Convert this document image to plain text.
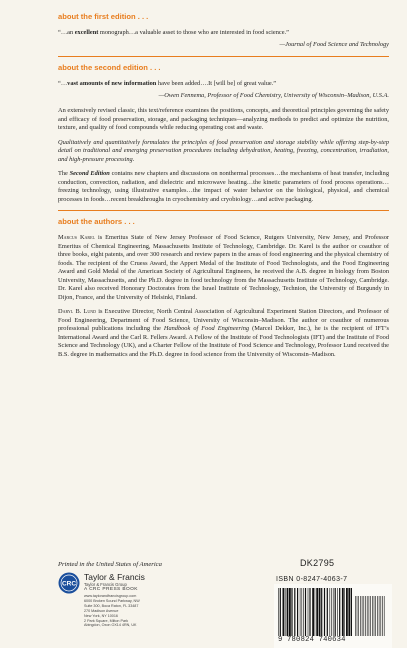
about the first edition . . .
“…an excellent monograph…a valuable asset to those who are interested in food science.”
—Journal of Food Science and Technology
about the second edition . . .
“…vast amounts of new information have been added….It [will be] of great value.”
—Owen Fennema, Professor of Food Chemistry, University of Wisconsin–Madison, U.S.A.
An extensively revised classic, this text/reference examines the positions, concepts, and theoretical principles governing the safety and efficacy of food preservation, storage, and packaging techniques—analyzing methods to predict and optimize the nutrition, texture, and quality of food compounds while reducing operating cost and waste.
Qualitatively and quantitatively formulates the principles of food preservation and storage stability while offering step-by-step detail on traditional and emerging preservation procedures including dehydration, heating, freezing, concentration, irradiation, and high-pressure processing.
The Second Edition contains new chapters and discussions on nonthermal processes…the mechanisms of heat transfer, including conduction, convection, radiation, and dielectric and microwave heating…the kinetic parameters of food process operations…freezing technology, using illustrative examples…the impact of water behavior on the biological, physical, and chemical processes in foods…recent breakthroughs in cryochemistry and cryobiology…and active packaging.
about the authors . . .
Marcus Karel is Emeritus State of New Jersey Professor of Food Science, Rutgers University, New Jersey, and Professor Emeritus of Chemical Engineering, Massachusetts Institute of Technology, Cambridge. Dr. Karel is the author or coauthor of three books, eight patents, and over 300 research and review papers in the areas of food engineering and the physical chemistry of foods. The recipient of the Cruess Award, the Appert Medal of the Institute of Food Technologists, and the Food Engineering Award and Gold Medal of the American Society of Agricultural Engineers, he received the A.B. degree in biology from Boston University, Massachusetts, and the Ph.D. degree in food technology from the Massachusetts Institute of Technology, Cambridge. Dr. Karel also received Honorary Doctorates from the Israel Institute of Technology, Technion, the University of Burgundy in Dijon, France, and the University of Helsinki, Finland.
Daryl B. Lund is Executive Director, North Central Association of Agricultural Experiment Station Directors, and Professor of Food Engineering, Department of Food Science, University of Wisconsin–Madison. The author or coauthor of numerous professional publications including the Handbook of Food Engineering (Marcel Dekker, Inc.), he is the recipient of IFT’s International Award and the Carl R. Fellers Award. A Fellow of the Institute of Food Technologists (IFT) and the Institute of Food Science and Technology (UK), and a Charter Fellow of the Institute of Food Science and Technology, Professor Lund received the B.S. degree in mathematics and the Ph.D. degree in food science from the University of Wisconsin–Madison.
Printed in the United States of America	DK2795
CRC
Taylor & Francis
Taylor & Francis Group
A CRC PRESS BOOK
www.taylorandfrancisgroup.com
6000 Broken Sound Parkway, NW
Suite 300, Boca Raton, FL 33487
270 Madison Avenue
New York, NY 10016
2 Park Square, Milton Park
Abingdon, Oxon OX14 4RN, UK
ISBN 0-8247-4063-7
9 780824 740634
